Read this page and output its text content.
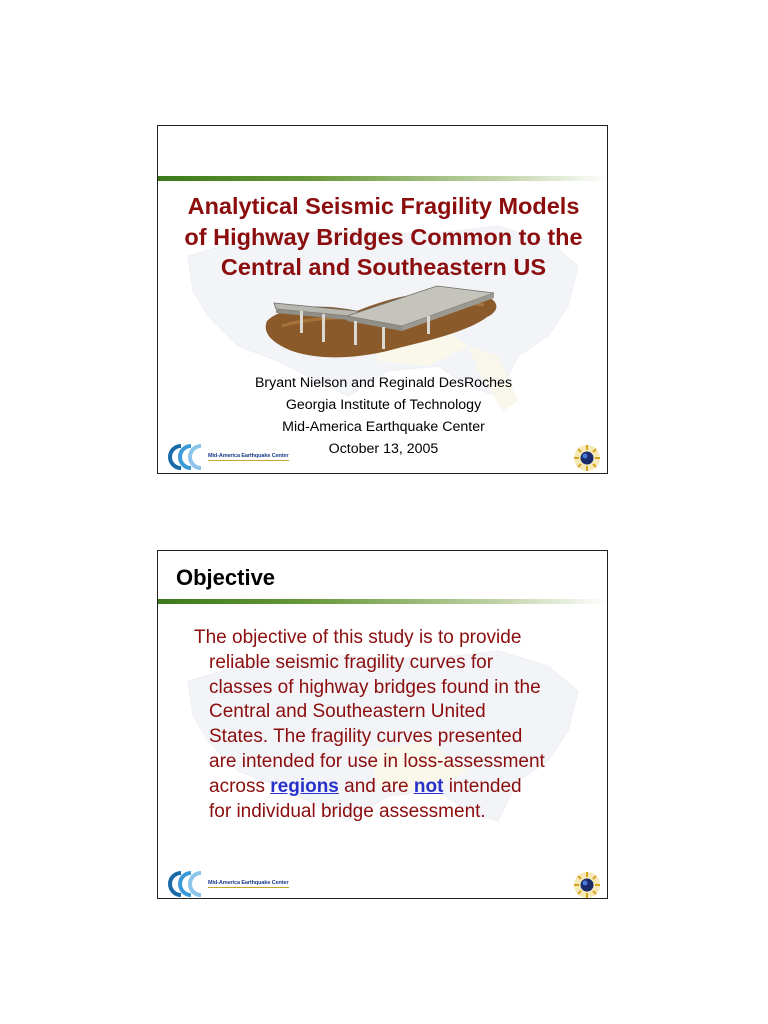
Analytical Seismic Fragility Models
of Highway Bridges Common to the
Central and Southeastern US
Bryant Nielson and Reginald DesRoches
Georgia Institute of Technology
Mid-America Earthquake Center
October 13, 2005
Mid-America Earthquake Center
Objective
The objective of this study is to provide
reliable seismic fragility curves for
classes of highway bridges found in the
Central and Southeastern United
States. The fragility curves presented
are intended for use in loss-assessment
across regions and are not intended
for individual bridge assessment.
Mid-America Earthquake Center
